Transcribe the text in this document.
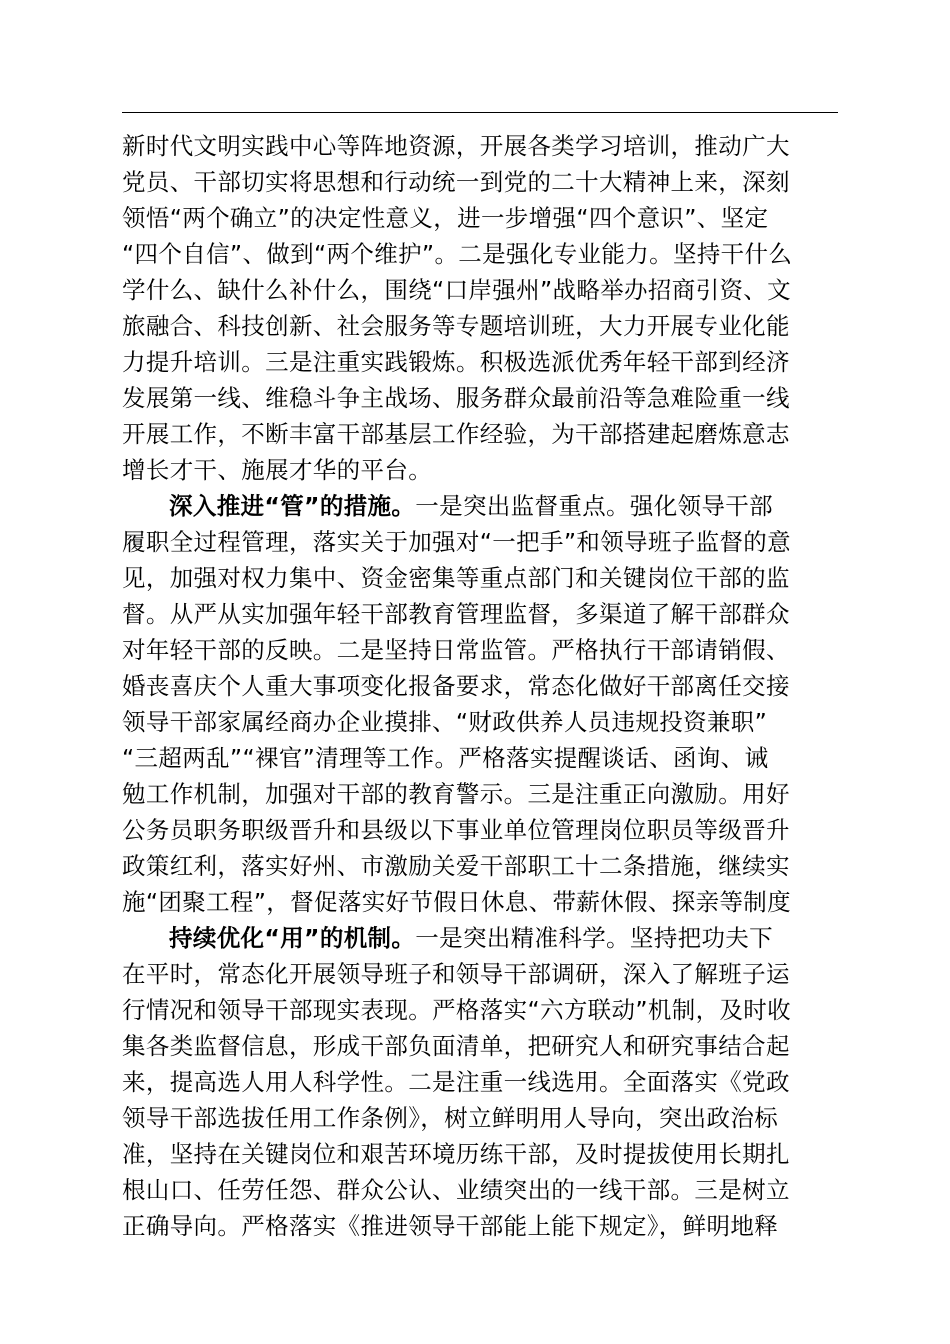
新时代文明实践中心等阵地资源，开展各类学习培训，推动广大
党员、干部切实将思想和行动统一到党的二十大精神上来，深刻
领悟“两个确立”的决定性意义，进一步增强“四个意识”、坚定
“四个自信”、做到“两个维护”。二是强化专业能力。坚持干什么
学什么、缺什么补什么，围绕“口岸强州”战略举办招商引资、文
旅融合、科技创新、社会服务等专题培训班，大力开展专业化能
力提升培训。三是注重实践锻炼。积极选派优秀年轻干部到经济
发展第一线、维稳斗争主战场、服务群众最前沿等急难险重一线
开展工作，不断丰富干部基层工作经验，为干部搭建起磨炼意志
增长才干、施展才华的平台。
深入推进“管”的措施。一是突出监督重点。强化领导干部
履职全过程管理，落实关于加强对“一把手”和领导班子监督的意
见，加强对权力集中、资金密集等重点部门和关键岗位干部的监
督。从严从实加强年轻干部教育管理监督，多渠道了解干部群众
对年轻干部的反映。二是坚持日常监管。严格执行干部请销假、
婚丧喜庆个人重大事项变化报备要求，常态化做好干部离任交接
领导干部家属经商办企业摸排、“财政供养人员违规投资兼职”
“三超两乱”“裸官”清理等工作。严格落实提醒谈话、函询、诫
勉工作机制，加强对干部的教育警示。三是注重正向激励。用好
公务员职务职级晋升和县级以下事业单位管理岗位职员等级晋升
政策红利，落实好州、市激励关爱干部职工十二条措施，继续实
施“团聚工程”，督促落实好节假日休息、带薪休假、探亲等制度
持续优化“用”的机制。一是突出精准科学。坚持把功夫下
在平时，常态化开展领导班子和领导干部调研，深入了解班子运
行情况和领导干部现实表现。严格落实“六方联动”机制，及时收
集各类监督信息，形成干部负面清单，把研究人和研究事结合起
来，提高选人用人科学性。二是注重一线选用。全面落实《党政
领导干部选拔任用工作条例》，树立鲜明用人导向，突出政治标
准，坚持在关键岗位和艰苦环境历练干部，及时提拔使用长期扎
根山口、任劳任怨、群众公认、业绩突出的一线干部。三是树立
正确导向。严格落实《推进领导干部能上能下规定》，鲜明地释
